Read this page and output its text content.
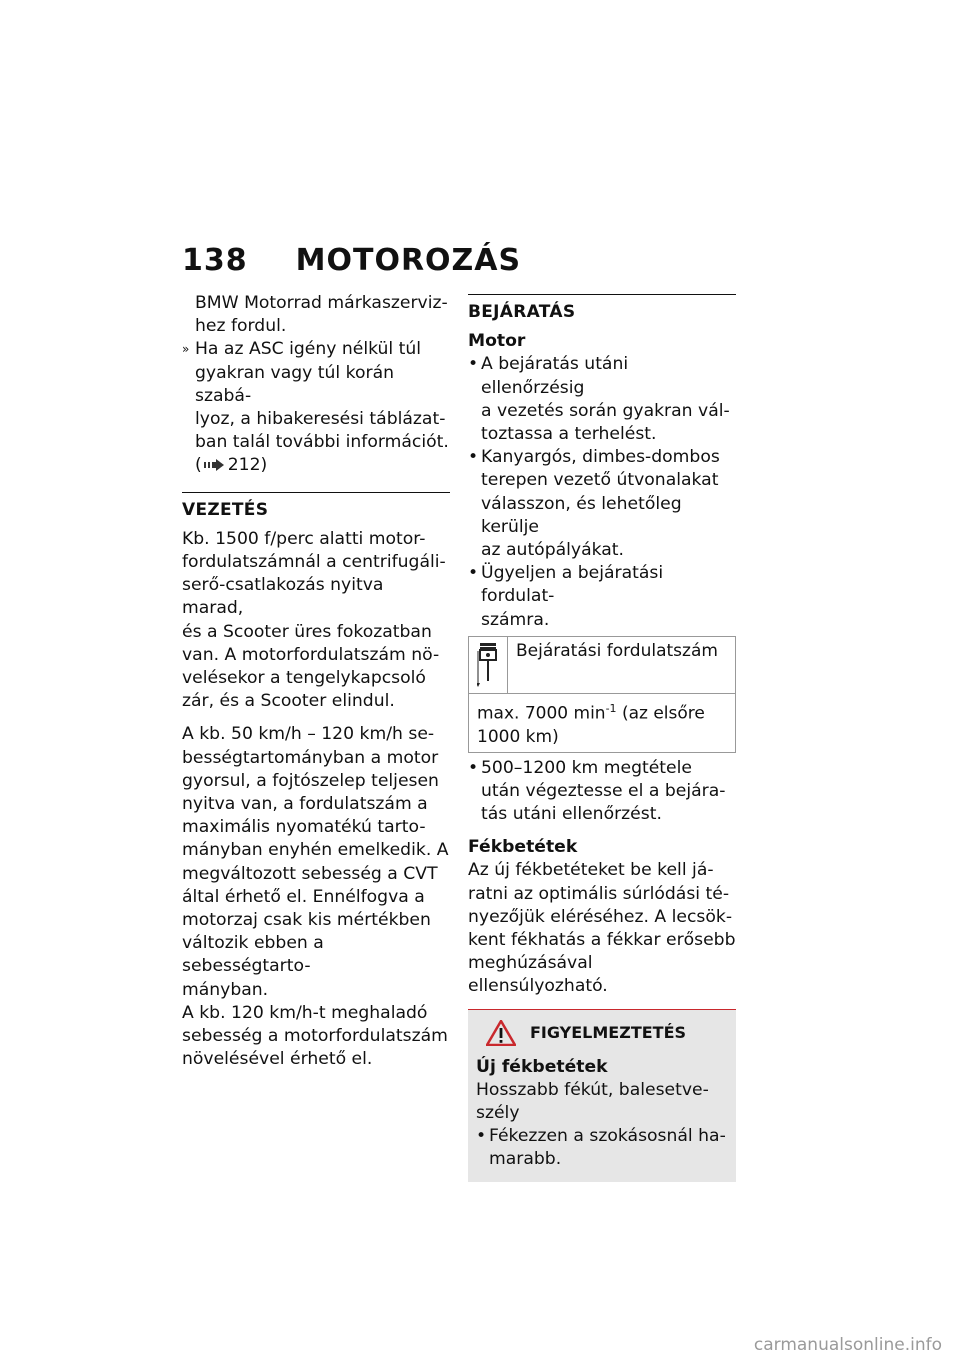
138 MOTOROZÁS
BMW Motorrad márkaszerviz-
hez fordul.
» Ha az ASC igény nélkül túl
gyakran vagy túl korán szabá-
lyoz, a hibakeresési táblázat-
ban talál további információt.
( 212)
VEZETÉS
Kb. 1500 f/perc alatti motor-
fordulatszámnál a centrifugáli-
serő-csatlakozás nyitva marad,
és a Scooter üres fokozatban
van. A motorfordulatszám nö-
velésekor a tengelykapcsoló
zár, és a Scooter elindul.
A kb. 50 km/h – 120 km/h se-
bességtartományban a motor
gyorsul, a fojtószelep teljesen
nyitva van, a fordulatszám a
maximális nyomatékú tarto-
mányban enyhén emelkedik. A
megváltozott sebesség a CVT
által érhető el. Ennélfogva a
motorzaj csak kis mértékben
változik ebben a sebességtarto-
mányban.
A kb. 120 km/h-t meghaladó
sebesség a motorfordulatszám
növelésével érhető el.
BEJÁRATÁS
Motor
• A bejáratás utáni ellenőrzésig
a vezetés során gyakran vál-
toztassa a terhelést.
• Kanyargós, dimbes-dombos
terepen vezető útvonalakat
válasszon, és lehetőleg kerülje
az autópályákat.
• Ügyeljen a bejáratási fordulat-
számra.
Bejáratási fordulatszám
max. 7000 $\min^{-1} (az$ elsőre
1000 km)
• 500–1200 km megtétele
után végeztesse el a bejára-
tás utáni ellenőrzést.
Fékbetétek
Az új fékbetéteket be kell já-
ratni az optimális súrlódási té-
nyezőjük eléréséhez. A lecsök-
kent fékhatás a fékkar erősebb
meghúzásával ellensúlyozható.
FIGYELMEZTETÉS
Új fékbetétek
Hosszabb fékút, balesetve-
szély
• Fékezzen a szokásosnál ha-
marabb.
carmanualsonline.info
